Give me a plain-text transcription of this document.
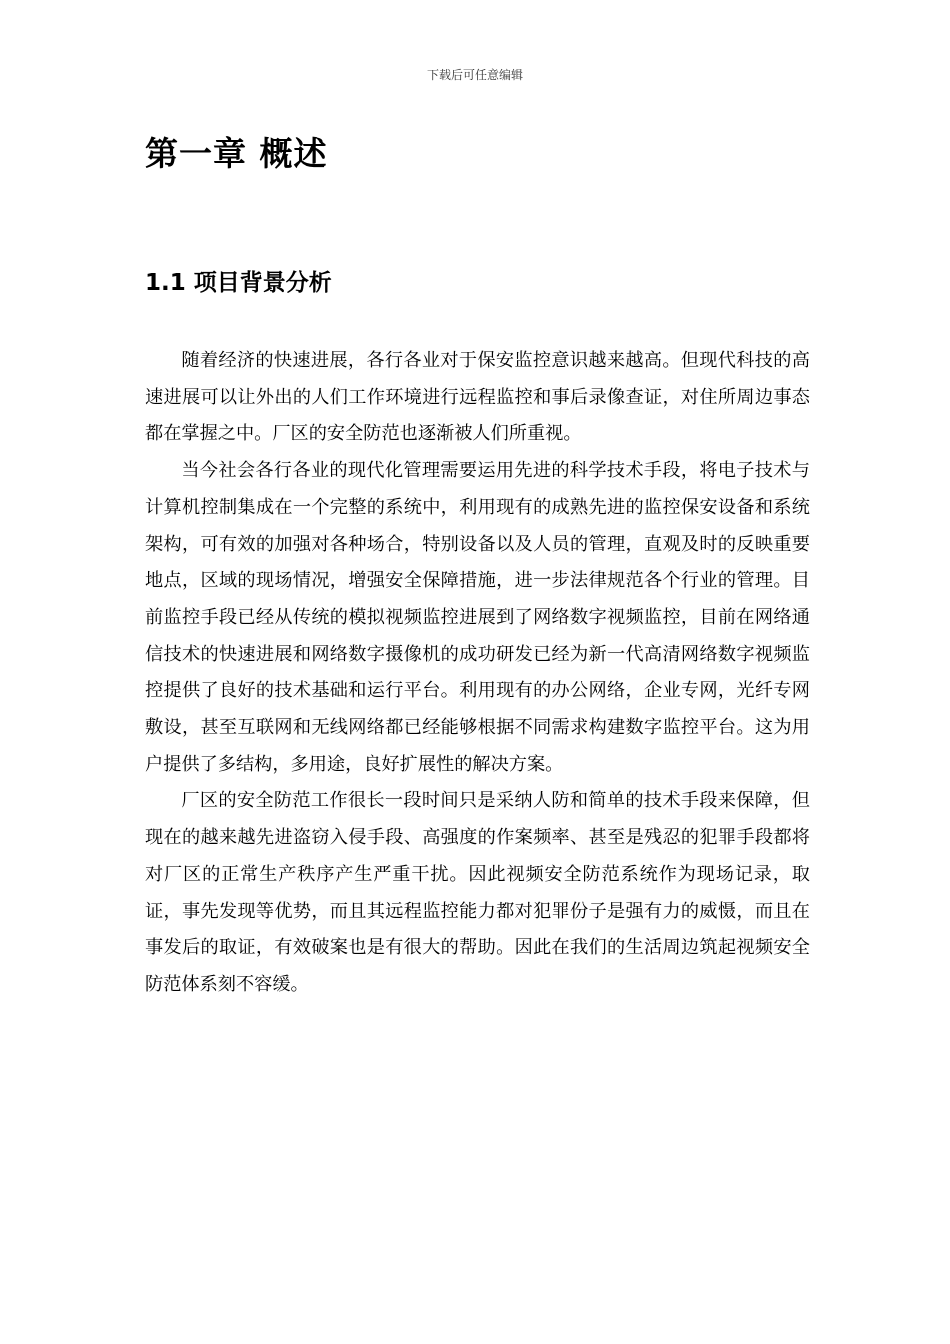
下载后可任意编辑
第一章 概述
1.1 项目背景分析

随着经济的快速进展，各行各业对于保安监控意识越来越高。但现代科技的高速进展可以让外出的人们工作环境进行远程监控和事后录像查证，对住所周边事态都在掌握之中。厂区的安全防范也逐渐被人们所重视。

当今社会各行各业的现代化管理需要运用先进的科学技术手段，将电子技术与计算机控制集成在一个完整的系统中，利用现有的成熟先进的监控保安设备和系统架构，可有效的加强对各种场合，特别设备以及人员的管理，直观及时的反映重要地点，区域的现场情况，增强安全保障措施，进一步法律规范各个行业的管理。目前监控手段已经从传统的模拟视频监控进展到了网络数字视频监控，目前在网络通信技术的快速进展和网络数字摄像机的成功研发已经为新一代高清网络数字视频监控提供了良好的技术基础和运行平台。利用现有的办公网络，企业专网，光纤专网敷设，甚至互联网和无线网络都已经能够根据不同需求构建数字监控平台。这为用户提供了多结构，多用途，良好扩展性的解决方案。

厂区的安全防范工作很长一段时间只是采纳人防和简单的技术手段来保障，但现在的越来越先进盗窃入侵手段、高强度的作案频率、甚至是残忍的犯罪手段都将对厂区的正常生产秩序产生严重干扰。因此视频安全防范系统作为现场记录，取证，事先发现等优势，而且其远程监控能力都对犯罪份子是强有力的威慑，而且在事发后的取证，有效破案也是有很大的帮助。因此在我们的生活周边筑起视频安全防范体系刻不容缓。
